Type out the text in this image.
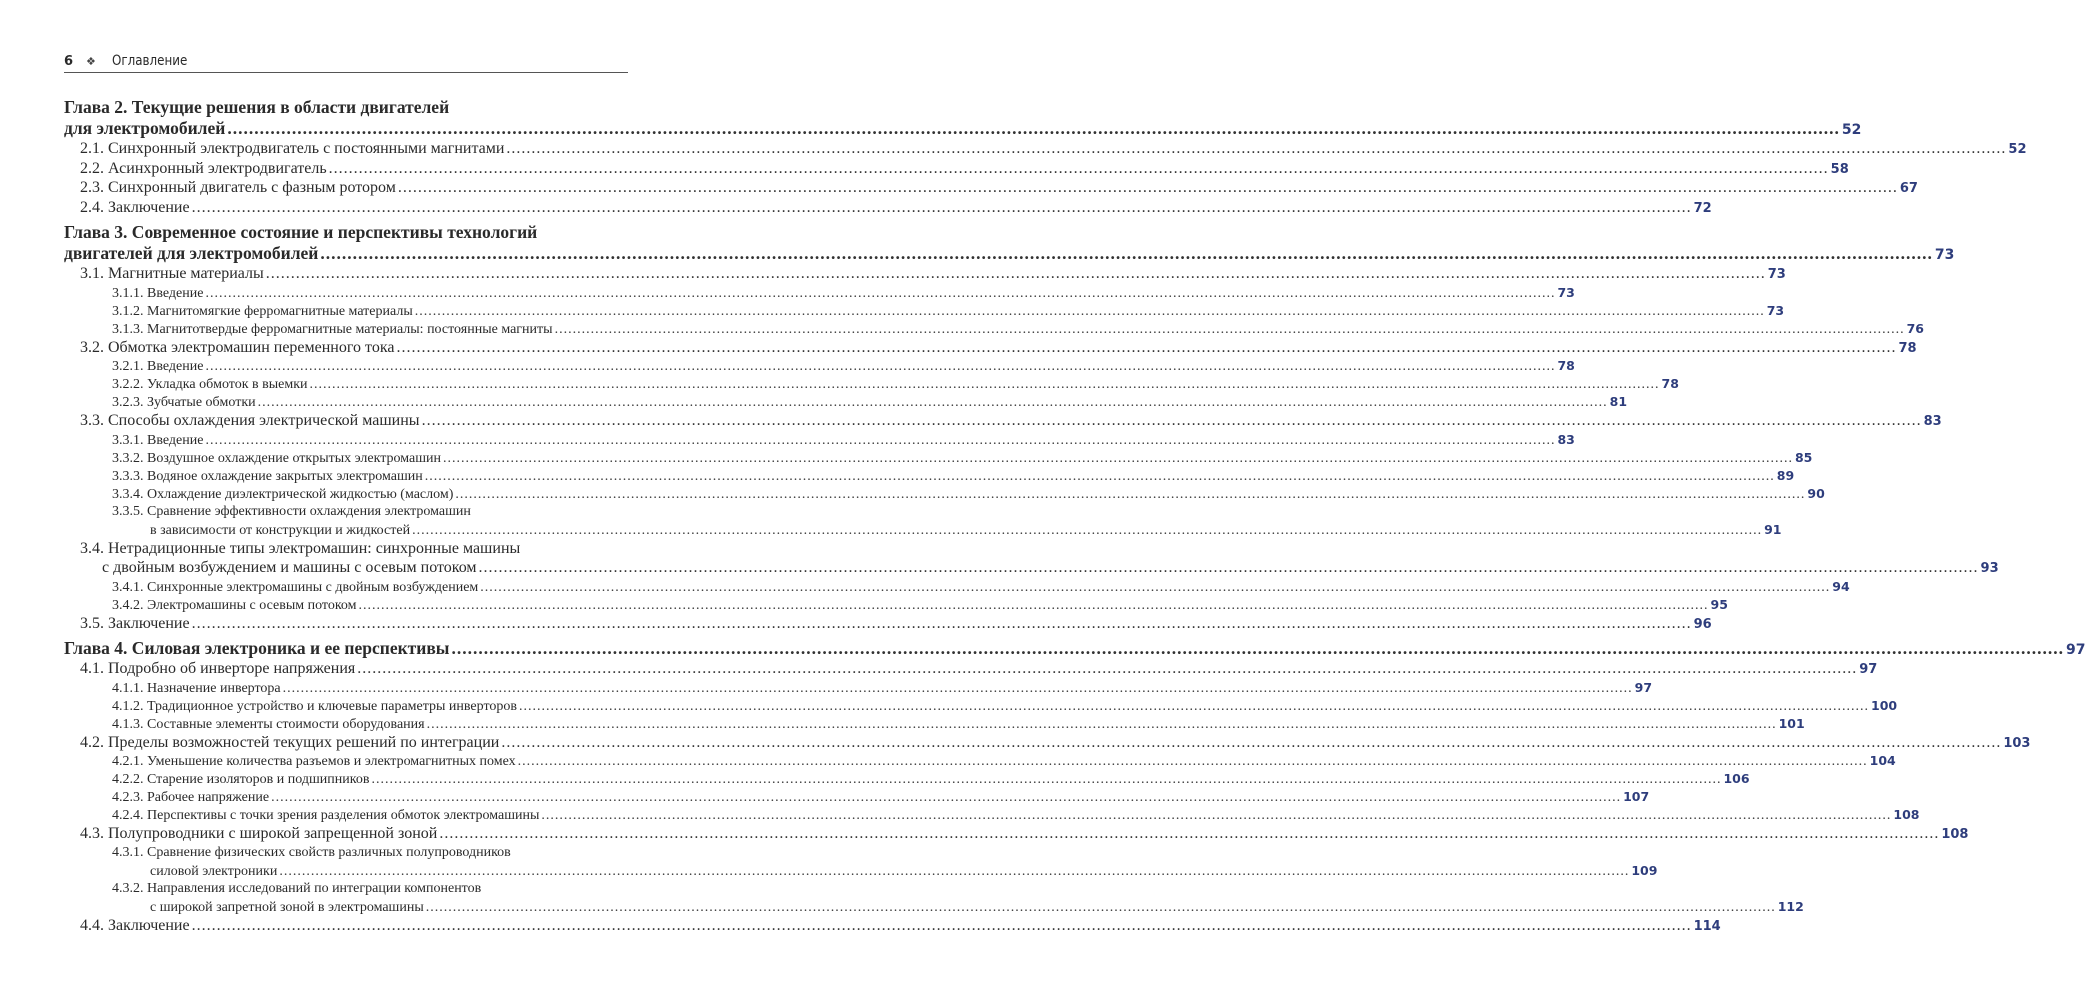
6	❖	Оглавление
Глава 2. Текущие решения в области двигателей
для электромобилей ............................................................................................................................................................................................................................................................................................................ 52
2.1. Синхронный электродвигатель с постоянными магнитами ............................................................................................................................................................................................................................................................................................................ 52
2.2. Асинхронный электродвигатель ............................................................................................................................................................................................................................................................................................................ 58
2.3. Синхронный двигатель с фазным ротором ............................................................................................................................................................................................................................................................................................................ 67
2.4. Заключение ............................................................................................................................................................................................................................................................................................................ 72
Глава 3. Современное состояние и перспективы технологий
двигателей для электромобилей ............................................................................................................................................................................................................................................................................................................ 73
3.1. Магнитные материалы ............................................................................................................................................................................................................................................................................................................ 73
3.1.1. Введение ............................................................................................................................................................................................................................................................................................................ 73
3.1.2. Магнитомягкие ферромагнитные материалы ............................................................................................................................................................................................................................................................................................................ 73
3.1.3. Магнитотвердые ферромагнитные материалы: постоянные магниты ............................................................................................................................................................................................................................................................................................................ 76
3.2. Обмотка электромашин переменного тока ............................................................................................................................................................................................................................................................................................................ 78
3.2.1. Введение ............................................................................................................................................................................................................................................................................................................ 78
3.2.2. Укладка обмоток в выемки ............................................................................................................................................................................................................................................................................................................ 78
3.2.3. Зубчатые обмотки ............................................................................................................................................................................................................................................................................................................ 81
3.3. Способы охлаждения электрической машины ............................................................................................................................................................................................................................................................................................................ 83
3.3.1. Введение ............................................................................................................................................................................................................................................................................................................ 83
3.3.2. Воздушное охлаждение открытых электромашин ............................................................................................................................................................................................................................................................................................................ 85
3.3.3. Водяное охлаждение закрытых электромашин ............................................................................................................................................................................................................................................................................................................ 89
3.3.4. Охлаждение диэлектрической жидкостью (маслом) ............................................................................................................................................................................................................................................................................................................ 90
3.3.5. Сравнение эффективности охлаждения электромашин
в зависимости от конструкции и жидкостей ............................................................................................................................................................................................................................................................................................................ 91
3.4. Нетрадиционные типы электромашин: синхронные машины
с двойным возбуждением и машины с осевым потоком ............................................................................................................................................................................................................................................................................................................ 93
3.4.1. Синхронные электромашины с двойным возбуждением ............................................................................................................................................................................................................................................................................................................ 94
3.4.2. Электромашины с осевым потоком ............................................................................................................................................................................................................................................................................................................ 95
3.5. Заключение ............................................................................................................................................................................................................................................................................................................ 96
Глава 4. Силовая электроника и ее перспективы ............................................................................................................................................................................................................................................................................................................ 97
4.1. Подробно об инверторе напряжения ............................................................................................................................................................................................................................................................................................................ 97
4.1.1. Назначение инвертора ............................................................................................................................................................................................................................................................................................................ 97
4.1.2. Традиционное устройство и ключевые параметры инверторов ............................................................................................................................................................................................................................................................................................................ 100
4.1.3. Составные элементы стоимости оборудования ............................................................................................................................................................................................................................................................................................................ 101
4.2. Пределы возможностей текущих решений по интеграции ............................................................................................................................................................................................................................................................................................................ 103
4.2.1. Уменьшение количества разъемов и электромагнитных помех ............................................................................................................................................................................................................................................................................................................ 104
4.2.2. Старение изоляторов и подшипников ............................................................................................................................................................................................................................................................................................................ 106
4.2.3. Рабочее напряжение ............................................................................................................................................................................................................................................................................................................ 107
4.2.4. Перспективы с точки зрения разделения обмоток электромашины ............................................................................................................................................................................................................................................................................................................ 108
4.3. Полупроводники с широкой запрещенной зоной ............................................................................................................................................................................................................................................................................................................ 108
4.3.1. Сравнение физических свойств различных полупроводников
силовой электроники ............................................................................................................................................................................................................................................................................................................ 109
4.3.2. Направления исследований по интеграции компонентов
с широкой запретной зоной в электромашины ............................................................................................................................................................................................................................................................................................................ 112
4.4. Заключение ............................................................................................................................................................................................................................................................................................................ 114
